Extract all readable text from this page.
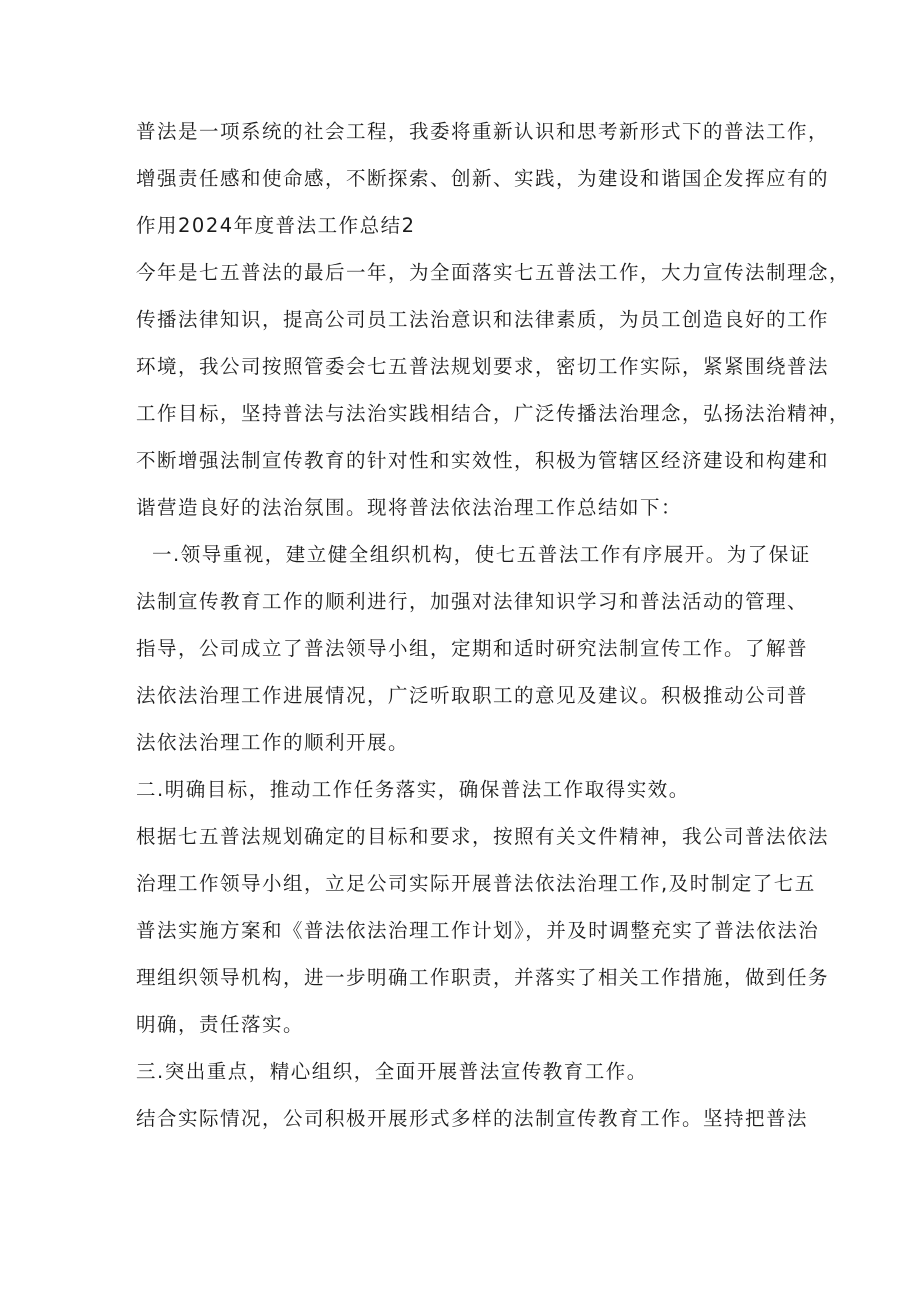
普法是一项系统的社会工程，我委将重新认识和思考新形式下的普法工作，
增强责任感和使命感，不断探索、创新、实践，为建设和谐国企发挥应有的
作用2024年度普法工作总结2
今年是七五普法的最后一年，为全面落实七五普法工作，大力宣传法制理念，
传播法律知识，提高公司员工法治意识和法律素质，为员工创造良好的工作
环境，我公司按照管委会七五普法规划要求，密切工作实际，紧紧围绕普法
工作目标，坚持普法与法治实践相结合，广泛传播法治理念，弘扬法治精神，
不断增强法制宣传教育的针对性和实效性，积极为管辖区经济建设和构建和
谐营造良好的法治氛围。现将普法依法治理工作总结如下：
一.领导重视，建立健全组织机构，使七五普法工作有序展开。为了保证
法制宣传教育工作的顺利进行，加强对法律知识学习和普法活动的管理、
指导，公司成立了普法领导小组，定期和适时研究法制宣传工作。了解普
法依法治理工作进展情况，广泛听取职工的意见及建议。积极推动公司普
法依法治理工作的顺利开展。
二.明确目标，推动工作任务落实，确保普法工作取得实效。
根据七五普法规划确定的目标和要求，按照有关文件精神，我公司普法依法
治理工作领导小组，立足公司实际开展普法依法治理工作,及时制定了七五
普法实施方案和《普法依法治理工作计划》，并及时调整充实了普法依法治
理组织领导机构，进一步明确工作职责，并落实了相关工作措施，做到任务
明确，责任落实。
三.突出重点，精心组织，全面开展普法宣传教育工作。
结合实际情况，公司积极开展形式多样的法制宣传教育工作。坚持把普法
